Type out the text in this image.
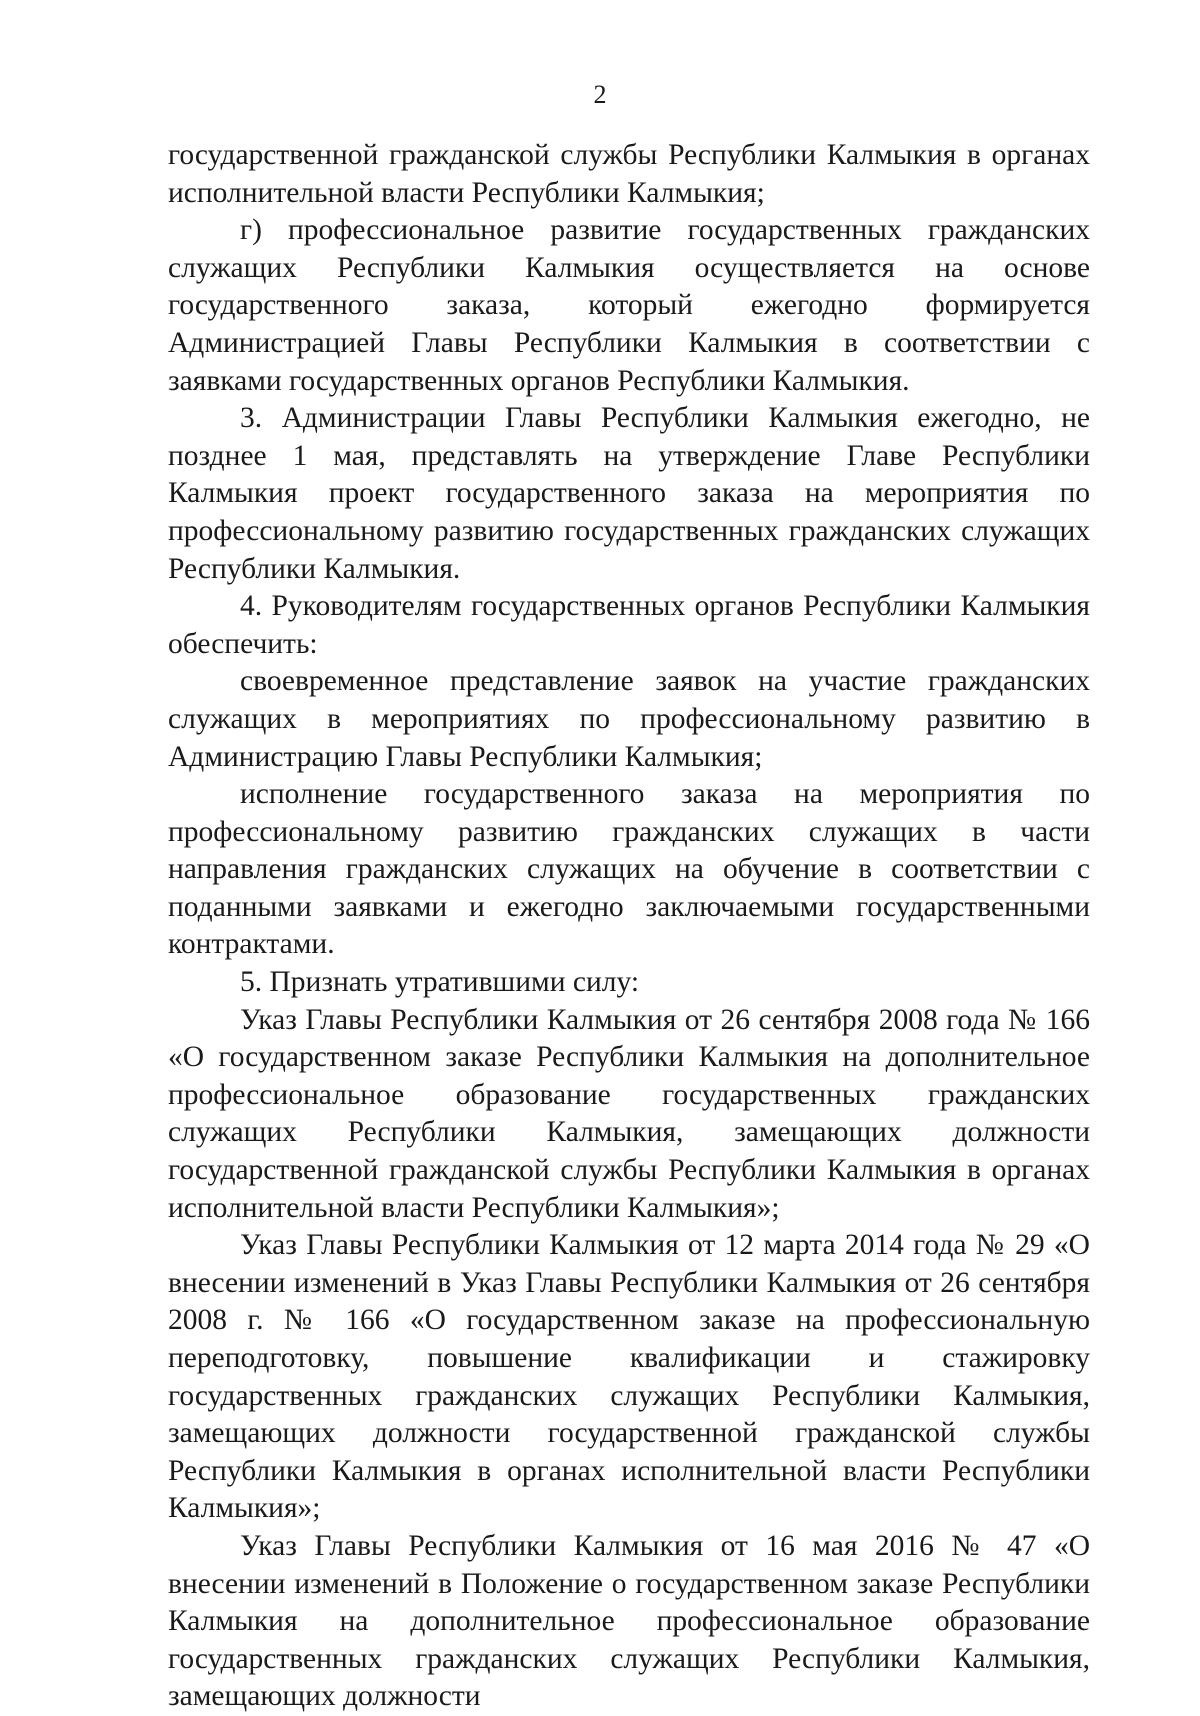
2

государственной гражданской службы Республики Калмыкия в органах исполнительной власти Республики Калмыкия;

г) профессиональное развитие государственных гражданских служащих Республики Калмыкия осуществляется на основе государственного заказа, который ежегодно формируется Администрацией Главы Республики Калмыкия в соответствии с заявками государственных органов Республики Калмыкия.

3. Администрации Главы Республики Калмыкия ежегодно, не позднее 1 мая, представлять на утверждение Главе Республики Калмыкия проект государственного заказа на мероприятия по профессиональному развитию государственных гражданских служащих Республики Калмыкия.

4. Руководителям государственных органов Республики Калмыкия обеспечить:

своевременное представление заявок на участие гражданских служащих в мероприятиях по профессиональному развитию в Администрацию Главы Республики Калмыкия;

исполнение государственного заказа на мероприятия по профессиональному развитию гражданских служащих в части направления гражданских служащих на обучение в соответствии с поданными заявками и ежегодно заключаемыми государственными контрактами.

5. Признать утратившими силу:

Указ Главы Республики Калмыкия от 26 сентября 2008 года № 166 «О государственном заказе Республики Калмыкия на дополнительное профессиональное образование государственных гражданских служащих Республики Калмыкия, замещающих должности государственной гражданской службы Республики Калмыкия в органах исполнительной власти Республики Калмыкия»;

Указ Главы Республики Калмыкия от 12 марта 2014 года № 29 «О внесении изменений в Указ Главы Республики Калмыкия от 26 сентября 2008 г. № 166 «О государственном заказе на профессиональную переподготовку, повышение квалификации и стажировку государственных гражданских служащих Республики Калмыкия, замещающих должности государственной гражданской службы Республики Калмыкия в органах исполнительной власти Республики Калмыкия»;

Указ Главы Республики Калмыкия от 16 мая 2016 № 47 «О внесении изменений в Положение о государственном заказе Республики Калмыкия на дополнительное профессиональное образование государственных гражданских служащих Республики Калмыкия, замещающих должности
